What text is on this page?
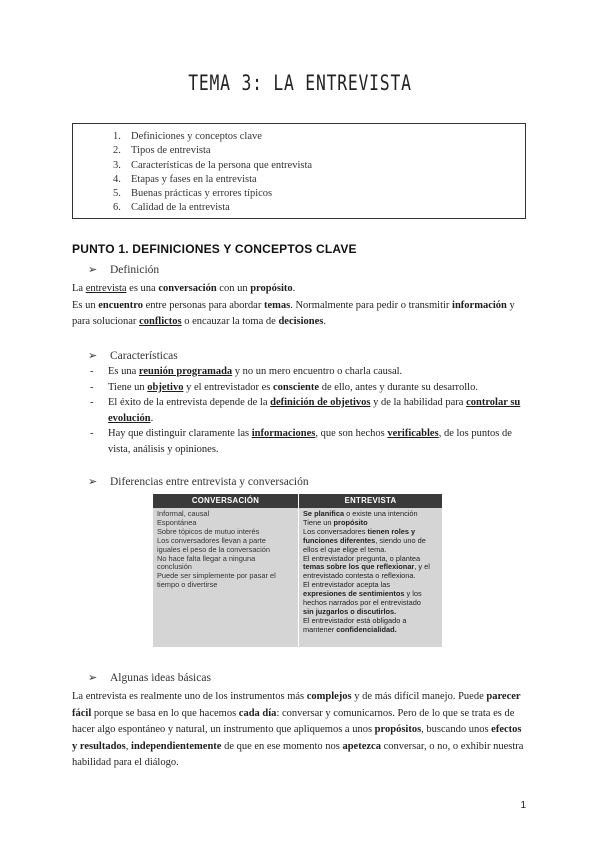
TEMA 3: LA ENTREVISTA
1. Definiciones y conceptos clave
2. Tipos de entrevista
3. Características de la persona que entrevista
4. Etapas y fases en la entrevista
5. Buenas prácticas y errores típicos
6. Calidad de la entrevista
PUNTO 1. DEFINICIONES Y CONCEPTOS CLAVE
➢ Definición
La entrevista es una conversación con un propósito.
Es un encuentro entre personas para abordar temas. Normalmente para pedir o transmitir información y para solucionar conflictos o encauzar la toma de decisiones.
➢ Características
- Es una reunión programada y no un mero encuentro o charla causal.
- Tiene un objetivo y el entrevistador es consciente de ello, antes y durante su desarrollo.
- El éxito de la entrevista depende de la definición de objetivos y de la habilidad para controlar su evolución.
- Hay que distinguir claramente las informaciones, que son hechos verificables, de los puntos de vista, análisis y opiniones.
➢ Diferencias entre entrevista y conversación
CONVERSACIÓN
Informal, causal
Espontánea
Sobre tópicos de mutuo interés
Los conversadores llevan a parte
iguales el peso de la conversación
No hace falta llegar a ninguna
conclusión
Puede ser simplemente por pasar el
tiempo o divertirse
ENTREVISTA
Se planifica o existe una intención
Tiene un propósito
Los conversadores tienen roles y
funciones diferentes, siendo uno de
ellos el que elige el tema.
El entrevistador pregunta, o plantea
temas sobre los que reflexionar, y el
entrevistado contesta o reflexiona.
El entrevistador acepta las
expresiones de sentimientos y los
hechos narrados por el entrevistado
sin juzgarlos o discutirlos.
El entrevistador está obligado a
mantener confidencialidad.
➢ Algunas ideas básicas
La entrevista es realmente uno de los instrumentos más complejos y de más difícil manejo. Puede parecer fácil porque se basa en lo que hacemos cada día: conversar y comunicarnos. Pero de lo que se trata es de hacer algo espontáneo y natural, un instrumento que apliquemos a unos propósitos, buscando unos efectos y resultados, independientemente de que en ese momento nos apetezca conversar, o no, o exhibir nuestra habilidad para el diálogo.
1
